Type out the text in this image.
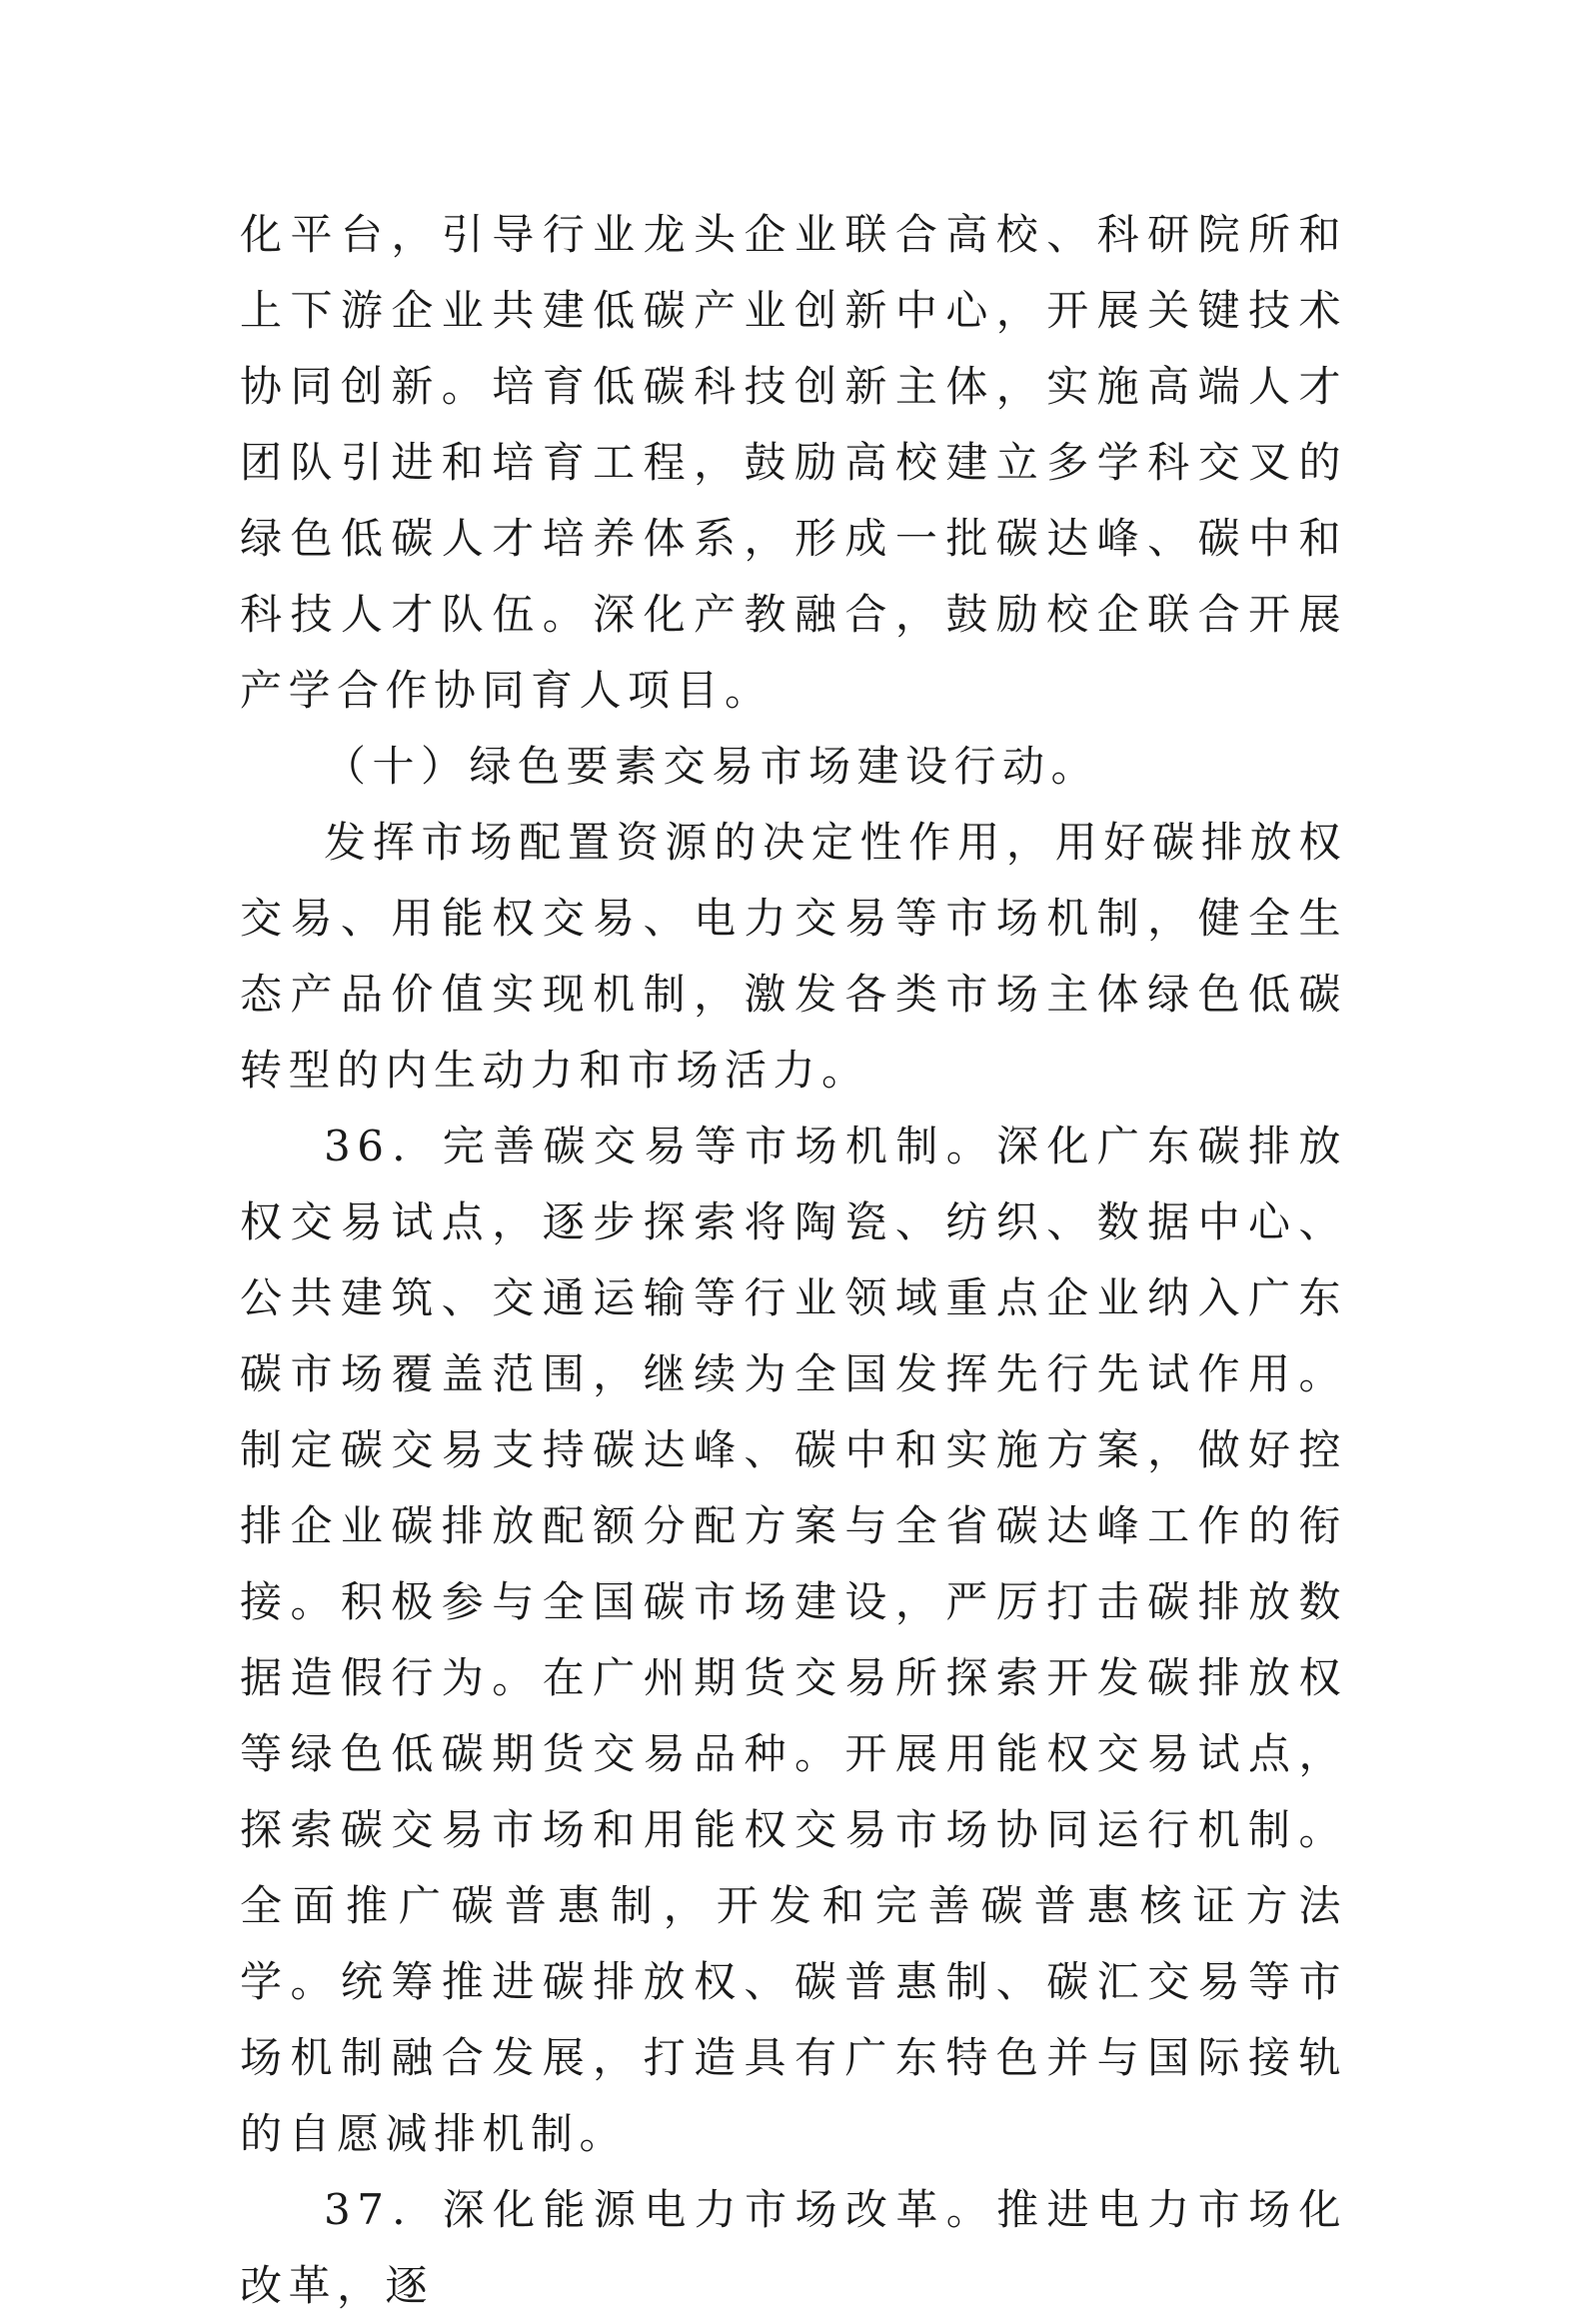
化平台，引导行业龙头企业联合高校、科研院所和上下游企业共建低碳产业创新中心，开展关键技术协同创新。培育低碳科技创新主体，实施高端人才团队引进和培育工程，鼓励高校建立多学科交叉的绿色低碳人才培养体系，形成一批碳达峰、碳中和科技人才队伍。深化产教融合，鼓励校企联合开展产学合作协同育人项目。

（十）绿色要素交易市场建设行动。

发挥市场配置资源的决定性作用，用好碳排放权交易、用能权交易、电力交易等市场机制，健全生态产品价值实现机制，激发各类市场主体绿色低碳转型的内生动力和市场活力。

36．完善碳交易等市场机制。深化广东碳排放权交易试点，逐步探索将陶瓷、纺织、数据中心、公共建筑、交通运输等行业领域重点企业纳入广东碳市场覆盖范围，继续为全国发挥先行先试作用。制定碳交易支持碳达峰、碳中和实施方案，做好控排企业碳排放配额分配方案与全省碳达峰工作的衔接。积极参与全国碳市场建设，严厉打击碳排放数据造假行为。在广州期货交易所探索开发碳排放权等绿色低碳期货交易品种。开展用能权交易试点，探索碳交易市场和用能权交易市场协同运行机制。全面推广碳普惠制，开发和完善碳普惠核证方法学。统筹推进碳排放权、碳普惠制、碳汇交易等市场机制融合发展，打造具有广东特色并与国际接轨的自愿减排机制。

37．深化能源电力市场改革。推进电力市场化改革，逐
